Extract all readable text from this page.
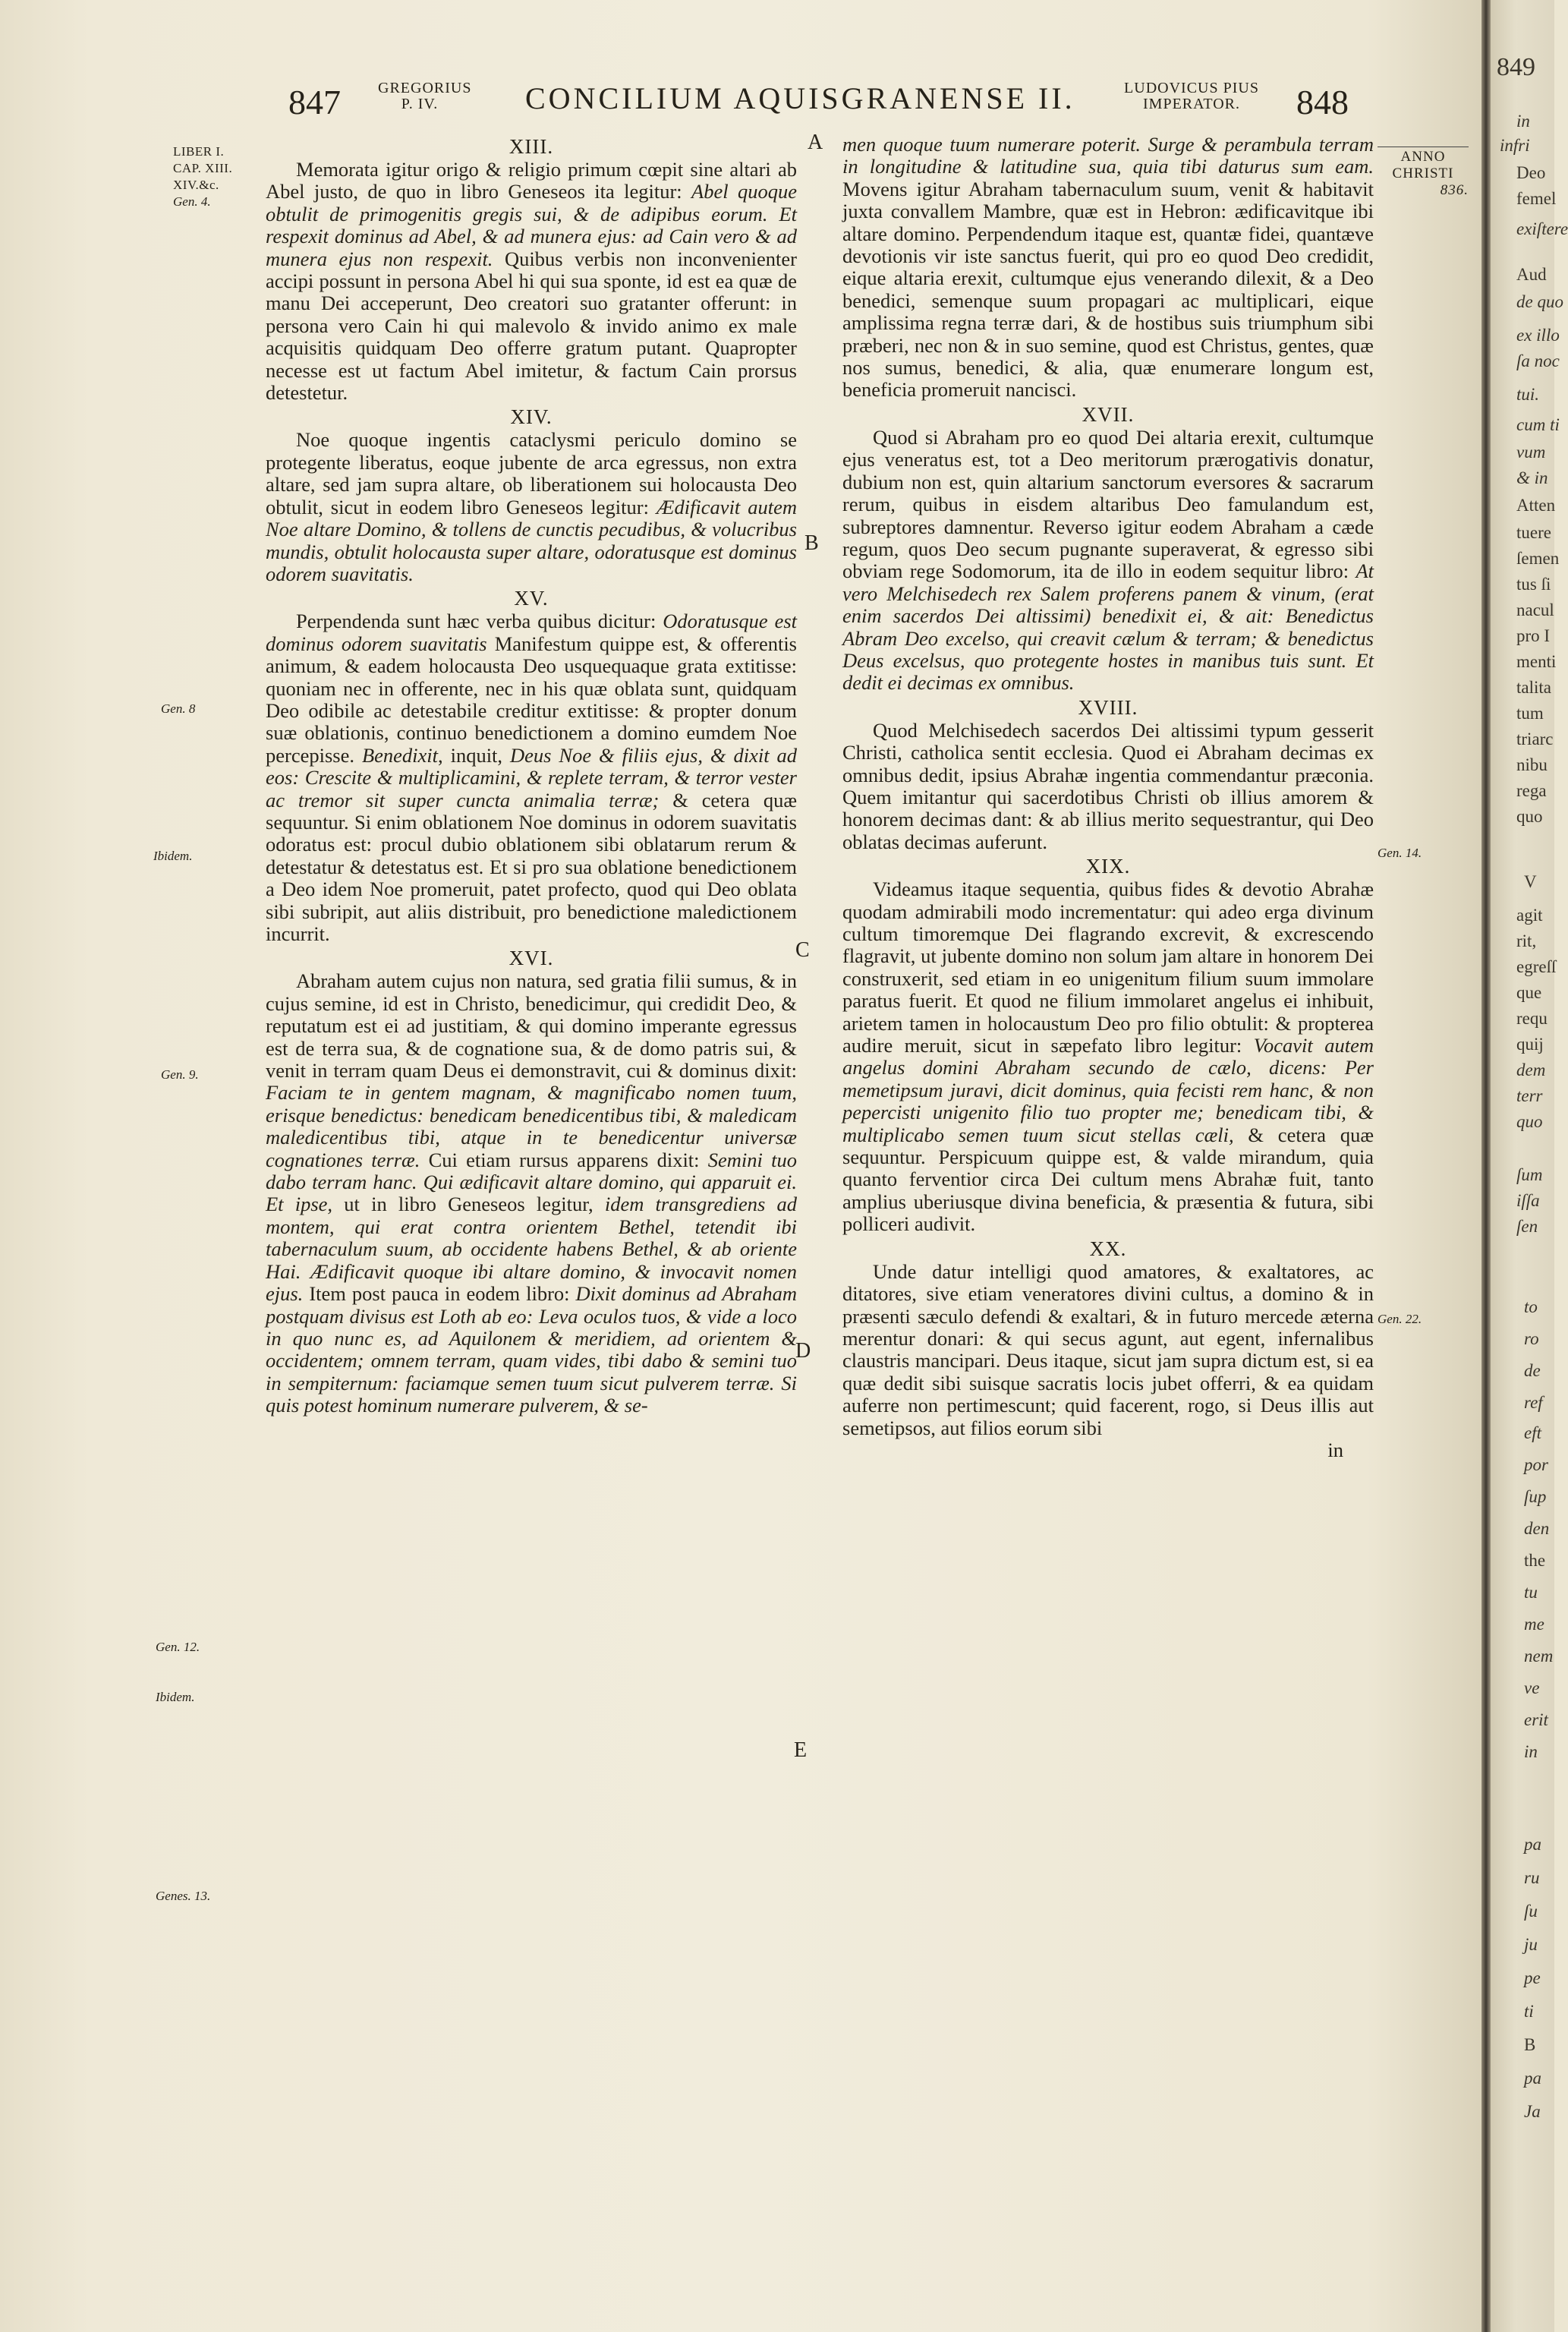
847 GREGORIUS
P. IV.	CONCILIUM AQUISGRANENSE II.	LUDOVICUS PIUS
IMPERATOR.	848
ANNO
CHRISTI
836.
LIBER I.
CAP. XIII.
XIV.&c.
Gen. 4.
Gen. 8
Ibidem.
Gen. 9.
Gen. 12.
Ibidem.
Genes. 13.
Gen. 14.
Gen. 22.
A
B
C
D
E
XIII.

Memorata igitur origo & religio primum cœpit sine altari ab Abel justo, de quo in libro Geneseos ita legitur: Abel quoque obtulit de primogenitis gregis sui, & de adipibus eorum. Et respexit dominus ad Abel, & ad munera ejus: ad Cain vero & ad munera ejus non respexit. Quibus verbis non inconvenienter accipi possunt in persona Abel hi qui sua sponte, id est ea quæ de manu Dei acceperunt, Deo creatori suo gratanter offerunt: in persona vero Cain hi qui malevolo & invido animo ex male acquisitis quidquam Deo offerre gratum putant. Quapropter necesse est ut factum Abel imitetur, & factum Cain prorsus detestetur.

XIV.

Noe quoque ingentis cataclysmi periculo domino se protegente liberatus, eoque jubente de arca egressus, non extra altare, sed jam supra altare, ob liberationem sui holocausta Deo obtulit, sicut in eodem libro Geneseos legitur: Ædificavit autem Noe altare Domino, & tollens de cunctis pecudibus, & volucribus mundis, obtulit holocausta super altare, odoratusque est dominus odorem suavitatis.

XV.

Perpendenda sunt hæc verba quibus dicitur: Odoratusque est dominus odorem suavitatis Manifestum quippe est, & offerentis animum, & eadem holocausta Deo usquequaque grata extitisse: quoniam nec in offerente, nec in his quæ oblata sunt, quidquam Deo odibile ac detestabile creditur extitisse: & propter donum suæ oblationis, continuo benedictionem a domino eumdem Noe percepisse. Benedixit, inquit, Deus Noe & filiis ejus, & dixit ad eos: Crescite & multiplicamini, & replete terram, & terror vester ac tremor sit super cuncta animalia terræ; & cetera quæ sequuntur. Si enim oblationem Noe dominus in odorem suavitatis odoratus est: procul dubio oblationem sibi oblatarum rerum & detestatur & detestatus est. Et si pro sua oblatione benedictionem a Deo idem Noe promeruit, patet profecto, quod qui Deo oblata sibi subripit, aut aliis distribuit, pro benedictione maledictionem incurrit.

XVI.

Abraham autem cujus non natura, sed gratia filii sumus, & in cujus semine, id est in Christo, benedicimur, qui credidit Deo, & reputatum est ei ad justitiam, & qui domino imperante egressus est de terra sua, & de cognatione sua, & de domo patris sui, & venit in terram quam Deus ei demonstravit, cui & dominus dixit: Faciam te in gentem magnam, & magnificabo nomen tuum, erisque benedictus: benedicam benedicentibus tibi, & maledicam maledicentibus tibi, atque in te benedicentur universæ cognationes terræ. Cui etiam rursus apparens dixit: Semini tuo dabo terram hanc. Qui ædificavit altare domino, qui apparuit ei. Et ipse, ut in libro Geneseos legitur, idem transgrediens ad montem, qui erat contra orientem Bethel, tetendit ibi tabernaculum suum, ab occidente habens Bethel, & ab oriente Hai. Ædificavit quoque ibi altare domino, & invocavit nomen ejus. Item post pauca in eodem libro: Dixit dominus ad Abraham postquam divisus est Loth ab eo: Leva oculos tuos, & vide a loco in quo nunc es, ad Aquilonem & meridiem, ad orientem & occidentem; omnem terram, quam vides, tibi dabo & semini tuo in sempiternum: faciamque semen tuum sicut pulverem terræ. Si quis potest hominum numerare pulverem, & se-

men quoque tuum numerare poterit. Surge & perambula terram in longitudine & latitudine sua, quia tibi daturus sum eam. Movens igitur Abraham tabernaculum suum, venit & habitavit juxta convallem Mambre, quæ est in Hebron: ædificavitque ibi altare domino. Perpendendum itaque est, quantæ fidei, quantæve devotionis vir iste sanctus fuerit, qui pro eo quod Deo credidit, eique altaria erexit, cultumque ejus venerando dilexit, & a Deo benedici, semenque suum propagari ac multiplicari, eique amplissima regna terræ dari, & de hostibus suis triumphum sibi præberi, nec non & in suo semine, quod est Christus, gentes, quæ nos sumus, benedici, & alia, quæ enumerare longum est, beneficia promeruit nancisci.

XVII.

Quod si Abraham pro eo quod Dei altaria erexit, cultumque ejus veneratus est, tot a Deo meritorum prærogativis donatur, dubium non est, quin altarium sanctorum eversores & sacrarum rerum, quibus in eisdem altaribus Deo famulandum est, subreptores damnentur. Reverso igitur eodem Abraham a cæde regum, quos Deo secum pugnante superaverat, & egresso sibi obviam rege Sodomorum, ita de illo in eodem sequitur libro: At vero Melchisedech rex Salem proferens panem & vinum, (erat enim sacerdos Dei altissimi) benedixit ei, & ait: Benedictus Abram Deo excelso, qui creavit cælum & terram; & benedictus Deus excelsus, quo protegente hostes in manibus tuis sunt. Et dedit ei decimas ex omnibus.

XVIII.

Quod Melchisedech sacerdos Dei altissimi typum gesserit Christi, catholica sentit ecclesia. Quod ei Abraham decimas ex omnibus dedit, ipsius Abrahæ ingentia commendantur præconia. Quem imitantur qui sacerdotibus Christi ob illius amorem & honorem decimas dant: & ab illius merito sequestrantur, qui Deo oblatas decimas auferunt.

XIX.

Videamus itaque sequentia, quibus fides & devotio Abrahæ quodam admirabili modo incrementatur: qui adeo erga divinum cultum timoremque Dei flagrando excrevit, & excrescendo flagravit, ut jubente domino non solum jam altare in honorem Dei construxerit, sed etiam in eo unigenitum filium suum immolare paratus fuerit. Et quod ne filium immolaret angelus ei inhibuit, arietem tamen in holocaustum Deo pro filio obtulit: & propterea audire meruit, sicut in sæpefato libro legitur: Vocavit autem angelus domini Abraham secundo de cælo, dicens: Per memetipsum juravi, dicit dominus, quia fecisti rem hanc, & non pepercisti unigenito filio tuo propter me; benedicam tibi, & multiplicabo semen tuum sicut stellas cæli, & cetera quæ sequuntur. Perspicuum quippe est, & valde mirandum, quia quanto ferventior circa Dei cultum mens Abrahæ fuit, tanto amplius uberiusque divina beneficia, & præsentia & futura, sibi polliceri audivit.

XX.

Unde datur intelligi quod amatores, & exaltatores, ac ditatores, sive etiam veneratores divini cultus, a domino & in præsenti sæculo defendi & exaltari, & in futuro mercede æterna merentur donari: & qui secus agunt, aut egent, infernalibus claustris mancipari. Deus itaque, sicut jam supra dictum est, si ea quæ dedit sibi suisque sacratis locis jubet offerri, & ea quidam auferre non pertimescunt; quid facerent, rogo, si Deus illis aut semetipsos, aut filios eorum sibi

in
849
in
infri
Deo
femel
exiſtere
Aud
de quo
ex illo
ſa noc
tui.
cum ti
vum
& in
Atten
tuere
ſemen
tus ſi
nacul
pro I
menti
talita
tum
triarc
nibu
rega
quo
V
agit
rit,
egreſſ
que
requ
quij
dem
terr
quo
ſum
iſſa
ſen
to
ro
de
ref
eft
por
ſup
den
the
tu
me
nem
ve
erit
in
pa
ru
ſu
ju
pe
ti
B
pa
Ja
